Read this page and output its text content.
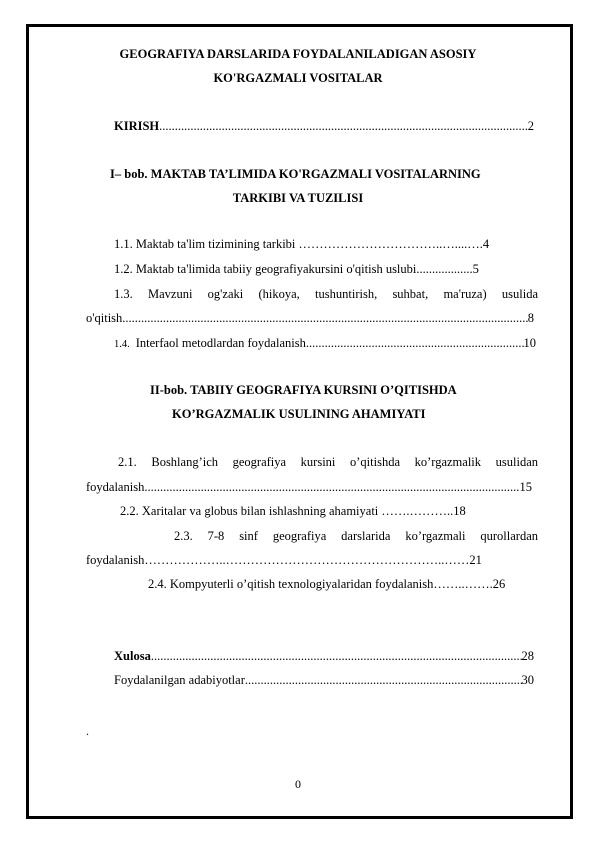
GEOGRAFIYA DARSLARIDA FOYDALANILADIGAN ASOSIY
KO'RGAZMALI VOSITALAR
KIRISH .....	2
I– bob. MAKTAB TA’LIMIDA KO'RGAZMALI VOSITALARNING
TARKIBI VA TUZILISI
1.1. Maktab ta'lim tizimining tarkibi ……………………………..…....….4
1.2. Maktab ta'limida tabiiy geografiyakursini o'qitish uslubi..................5
1.3. Mavzuni og'zaki (hikoya, tushuntirish, suhbat, ma'ruza) usulida
o'qitish .....	8
1.4. Interfaol metodlardan foydalanish .....	10
II-bob. TABIIY GEOGRAFIYA KURSINI O’QITISHDA
KO’RGAZMALIK USULINING AHAMIYATI
2.1. Boshlang’ich geografiya kursini o’qitishda ko’rgazmalik usulidan
foydalanish .....	15
2.2. Xaritalar va globus bilan ishlashning ahamiyati …….………..18
2.3. 7-8 sinf geografiya darslarida ko’rgazmali qurollardan
foydalanish………………..……………………………………………..……21
2.4. Kompyuterli o’qitish texnologiyalaridan foydalanish……..…….26
Xulosa .....	28
Foydalanilgan adabiyotlar .....	30
.
0
